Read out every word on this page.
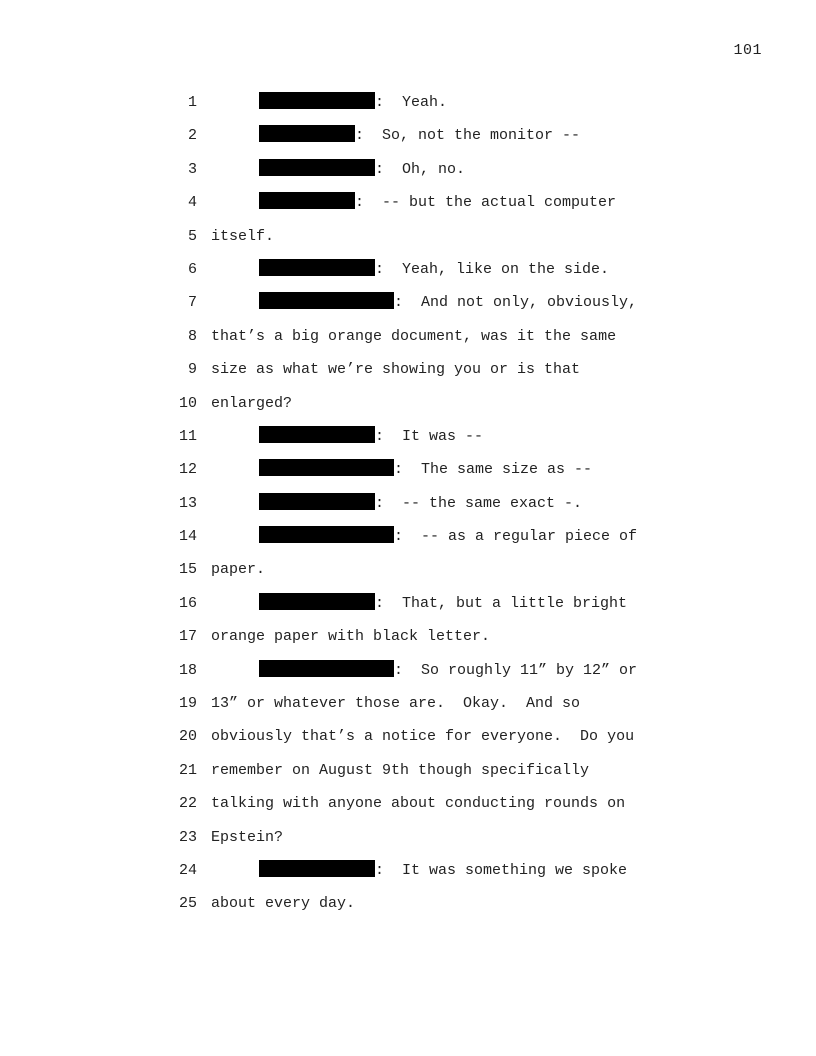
101
1	:  Yeah.
2	:  So, not the monitor --
3	:  Oh, no.
4	:  -- but the actual computer
5 itself.
6	:  Yeah, like on the side.
7	:  And not only, obviously,
8 that’s a big orange document, was it the same
9 size as what we’re showing you or is that
10 enlarged?
11	:  It was --
12	:  The same size as --
13	:  -- the same exact -.
14	:  -- as a regular piece of
15 paper.
16	:  That, but a little bright
17 orange paper with black letter.
18	:  So roughly 11” by 12” or
19 13” or whatever those are.  Okay.  And so
20 obviously that’s a notice for everyone.  Do you
21 remember on August 9th though specifically
22 talking with anyone about conducting rounds on
23 Epstein?
24	:  It was something we spoke
25 about every day.
